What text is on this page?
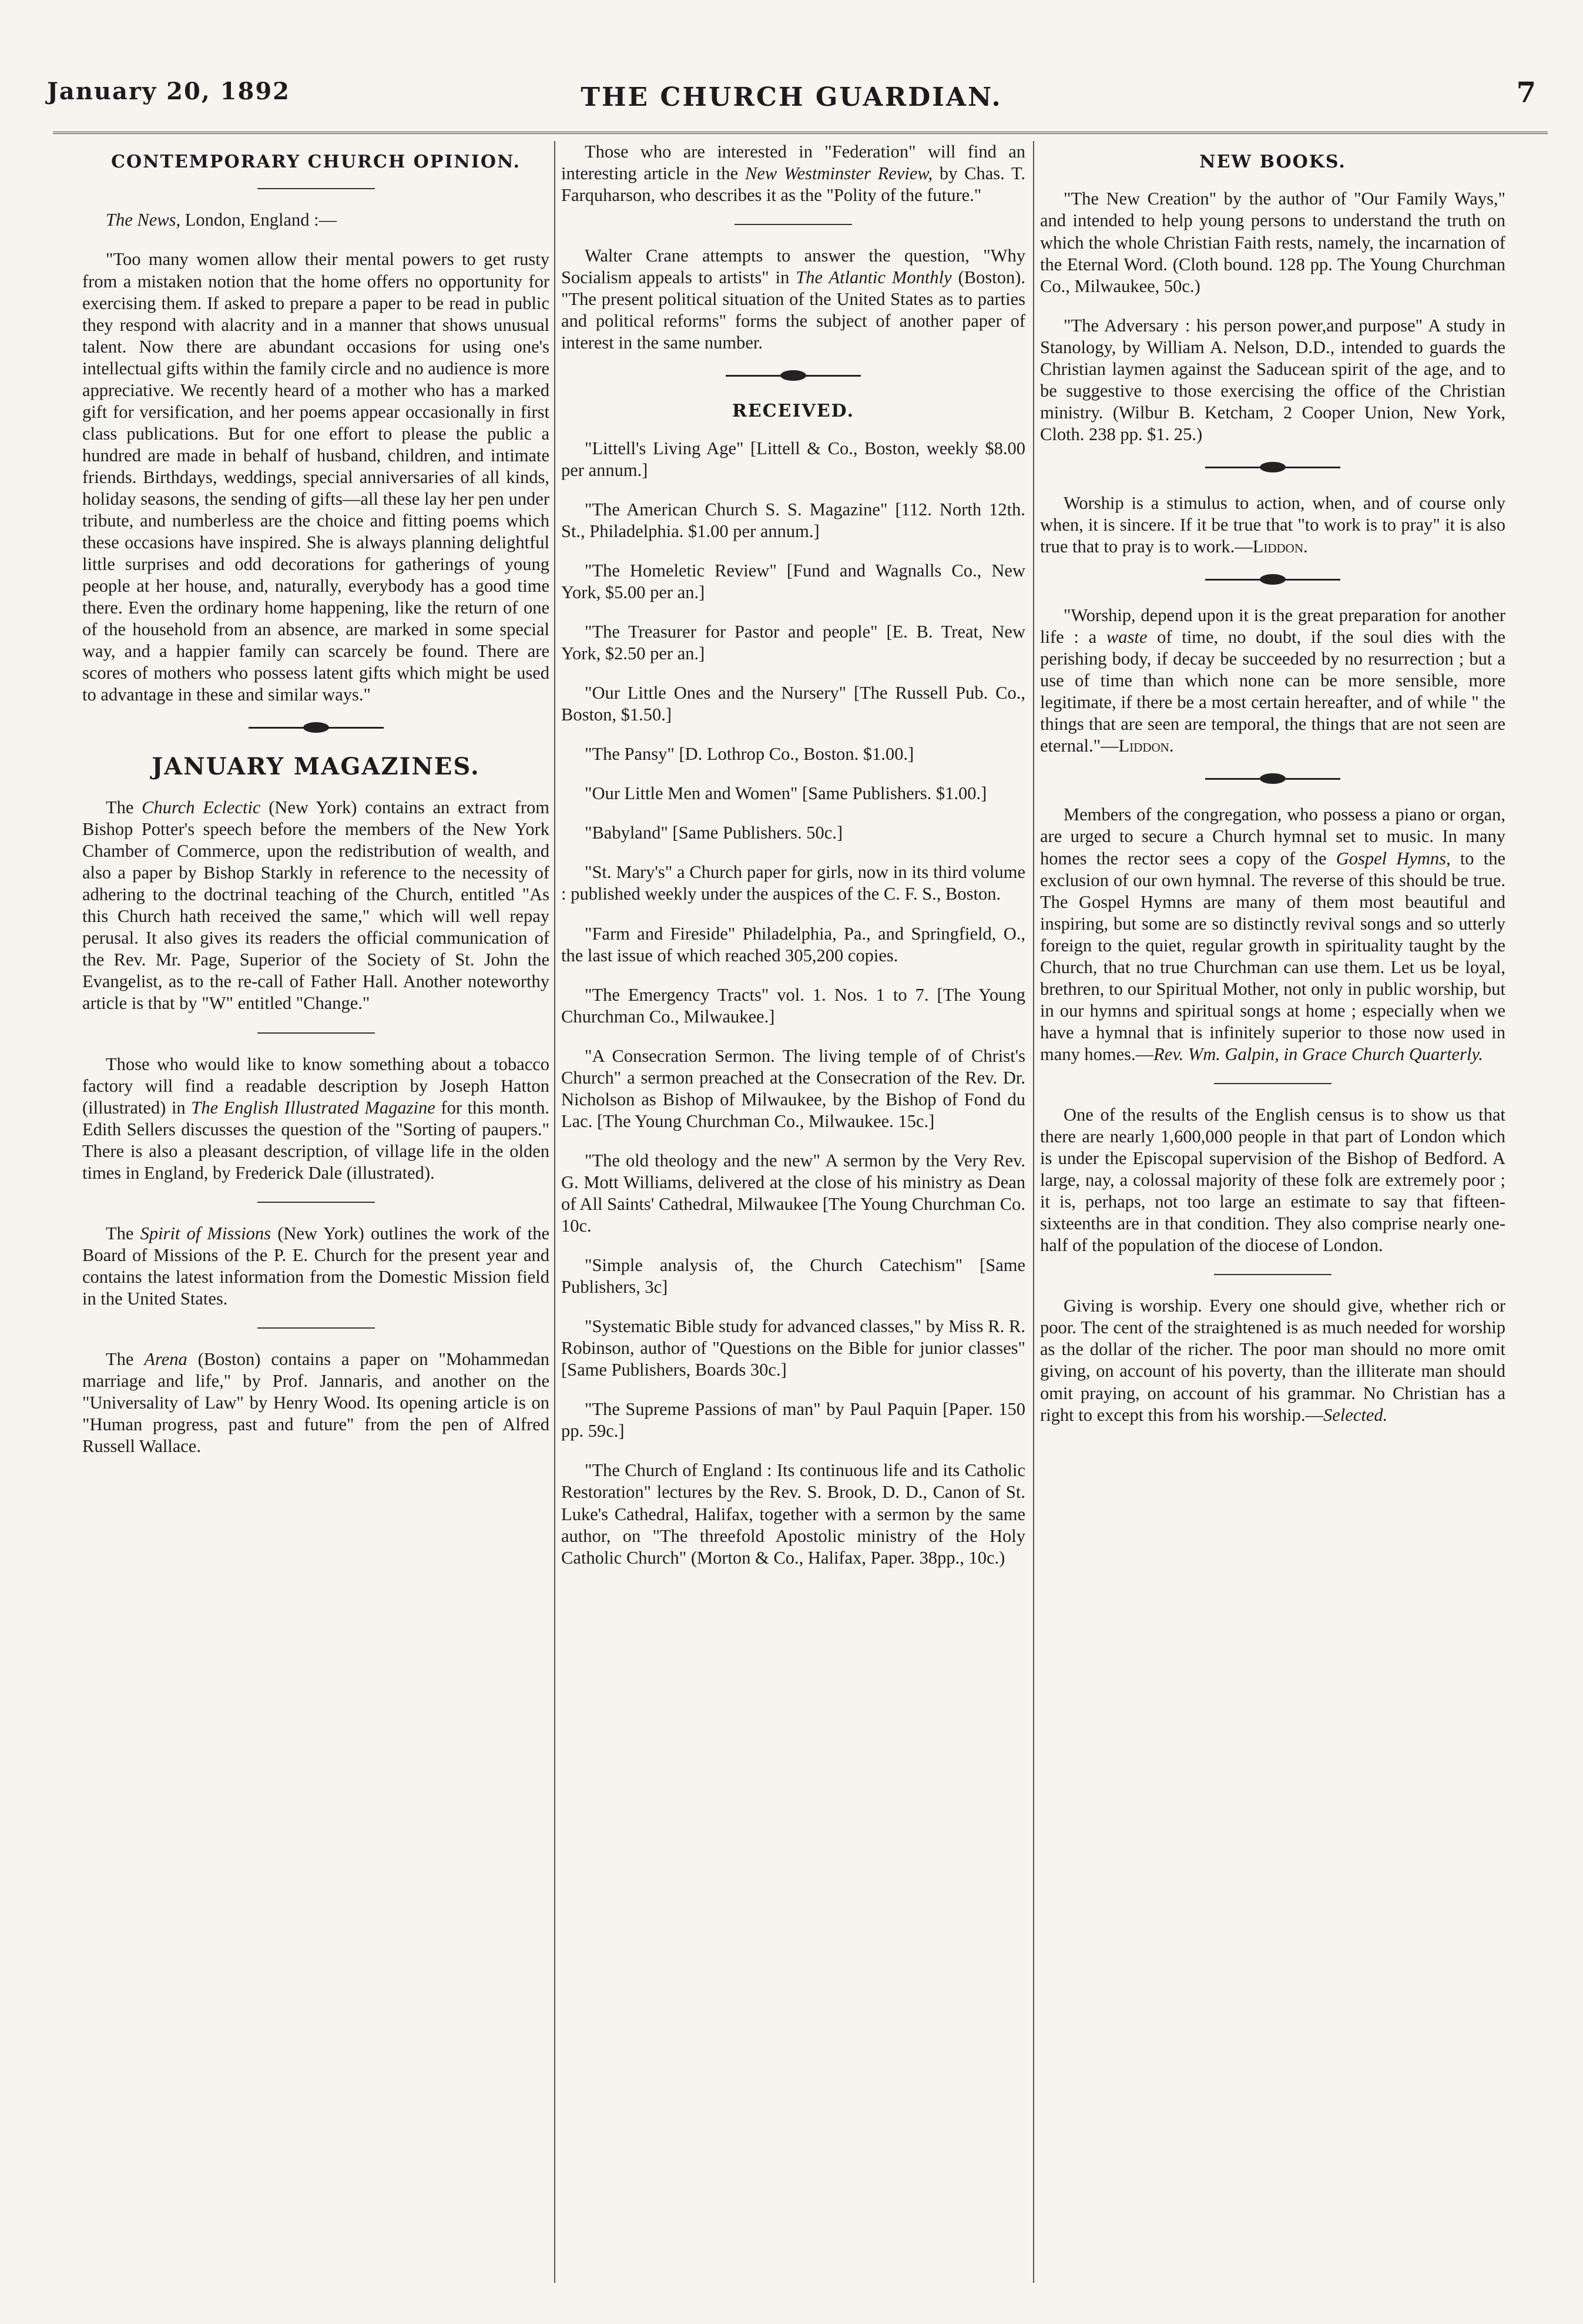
January 20, 1892	THE CHURCH GUARDIAN.	7
CONTEMPORARY CHURCH OPINION.

The News, London, England :—

"Too many women allow their mental powers to get rusty from a mistaken notion that the home offers no opportunity for exercising them. If asked to prepare a paper to be read in public they respond with alacrity and in a manner that shows unusual talent. Now there are abundant occasions for using one's intellectual gifts within the family circle and no audience is more appreciative. We recently heard of a mother who has a marked gift for versification, and her poems appear occasionally in first class publications. But for one effort to please the public a hundred are made in behalf of husband, children, and intimate friends. Birthdays, weddings, special anniversaries of all kinds, holiday seasons, the sending of gifts—all these lay her pen under tribute, and numberless are the choice and fitting poems which these occasions have inspired. She is always planning delightful little surprises and odd decorations for gatherings of young people at her house, and, naturally, everybody has a good time there. Even the ordinary home happening, like the return of one of the household from an absence, are marked in some special way, and a happier family can scarcely be found. There are scores of mothers who possess latent gifts which might be used to advantage in these and similar ways."

JANUARY MAGAZINES.

The Church Eclectic (New York) contains an extract from Bishop Potter's speech before the members of the New York Chamber of Commerce, upon the redistribution of wealth, and also a paper by Bishop Starkly in reference to the necessity of adhering to the doctrinal teaching of the Church, entitled "As this Church hath received the same," which will well repay perusal. It also gives its readers the official communication of the Rev. Mr. Page, Superior of the Society of St. John the Evangelist, as to the re-call of Father Hall. Another noteworthy article is that by "W" entitled "Change."

Those who would like to know something about a tobacco factory will find a readable description by Joseph Hatton (illustrated) in The English Illustrated Magazine for this month. Edith Sellers discusses the question of the "Sorting of paupers." There is also a pleasant description, of village life in the olden times in England, by Frederick Dale (illustrated).

The Spirit of Missions (New York) outlines the work of the Board of Missions of the P. E. Church for the present year and contains the latest information from the Domestic Mission field in the United States.

The Arena (Boston) contains a paper on "Mohammedan marriage and life," by Prof. Jannaris, and another on the "Universality of Law" by Henry Wood. Its opening article is on "Human progress, past and future" from the pen of Alfred Russell Wallace.

Those who are interested in "Federation" will find an interesting article in the New Westminster Review, by Chas. T. Farquharson, who describes it as the "Polity of the future."

Walter Crane attempts to answer the question, "Why Socialism appeals to artists" in The Atlantic Monthly (Boston). "The present political situation of the United States as to parties and political reforms" forms the subject of another paper of interest in the same number.

RECEIVED.

"Littell's Living Age" [Littell & Co., Boston, weekly $8.00 per annum.]

"The American Church S. S. Magazine" [112. North 12th. St., Philadelphia. $1.00 per annum.]

"The Homeletic Review" [Fund and Wagnalls Co., New York, $5.00 per an.]

"The Treasurer for Pastor and people" [E. B. Treat, New York, $2.50 per an.]

"Our Little Ones and the Nursery" [The Russell Pub. Co., Boston, $1.50.]

"The Pansy" [D. Lothrop Co., Boston. $1.00.]

"Our Little Men and Women" [Same Publishers. $1.00.]

"Babyland" [Same Publishers. 50c.]

"St. Mary's" a Church paper for girls, now in its third volume : published weekly under the auspices of the C. F. S., Boston.

"Farm and Fireside" Philadelphia, Pa., and Springfield, O., the last issue of which reached 305,200 copies.

"The Emergency Tracts" vol. 1. Nos. 1 to 7. [The Young Churchman Co., Milwaukee.]

"A Consecration Sermon. The living temple of of Christ's Church" a sermon preached at the Consecration of the Rev. Dr. Nicholson as Bishop of Milwaukee, by the Bishop of Fond du Lac. [The Young Churchman Co., Milwaukee. 15c.]

"The old theology and the new" A sermon by the Very Rev. G. Mott Williams, delivered at the close of his ministry as Dean of All Saints' Cathedral, Milwaukee [The Young Churchman Co. 10c.

"Simple analysis of, the Church Catechism" [Same Publishers, 3c]

"Systematic Bible study for advanced classes," by Miss R. R. Robinson, author of "Questions on the Bible for junior classes" [Same Publishers, Boards 30c.]

"The Supreme Passions of man" by Paul Paquin [Paper. 150 pp. 59c.]

"The Church of England : Its continuous life and its Catholic Restoration" lectures by the Rev. S. Brook, D. D., Canon of St. Luke's Cathedral, Halifax, together with a sermon by the same author, on "The threefold Apostolic ministry of the Holy Catholic Church" (Morton & Co., Halifax, Paper. 38pp., 10c.)

NEW BOOKS.

"The New Creation" by the author of "Our Family Ways," and intended to help young persons to understand the truth on which the whole Christian Faith rests, namely, the incarnation of the Eternal Word. (Cloth bound. 128 pp. The Young Churchman Co., Milwaukee, 50c.)

"The Adversary : his person power,and purpose" A study in Stanology, by William A. Nelson, D.D., intended to guards the Christian laymen against the Saducean spirit of the age, and to be suggestive to those exercising the office of the Christian ministry. (Wilbur B. Ketcham, 2 Cooper Union, New York, Cloth. 238 pp. $1. 25.)

Worship is a stimulus to action, when, and of course only when, it is sincere. If it be true that "to work is to pray" it is also true that to pray is to work.—Liddon.

"Worship, depend upon it is the great preparation for another life : a waste of time, no doubt, if the soul dies with the perishing body, if decay be succeeded by no resurrection ; but a use of time than which none can be more sensible, more legitimate, if there be a most certain hereafter, and of while " the things that are seen are temporal, the things that are not seen are eternal."—Liddon.

Members of the congregation, who possess a piano or organ, are urged to secure a Church hymnal set to music. In many homes the rector sees a copy of the Gospel Hymns, to the exclusion of our own hymnal. The reverse of this should be true. The Gospel Hymns are many of them most beautiful and inspiring, but some are so distinctly revival songs and so utterly foreign to the quiet, regular growth in spirituality taught by the Church, that no true Churchman can use them. Let us be loyal, brethren, to our Spiritual Mother, not only in public worship, but in our hymns and spiritual songs at home ; especially when we have a hymnal that is infinitely superior to those now used in many homes.—Rev. Wm. Galpin, in Grace Church Quarterly.

One of the results of the English census is to show us that there are nearly 1,600,000 people in that part of London which is under the Episcopal supervision of the Bishop of Bedford. A large, nay, a colossal majority of these folk are extremely poor ; it is, perhaps, not too large an estimate to say that fifteen-sixteenths are in that condition. They also comprise nearly one-half of the population of the diocese of London.

Giving is worship. Every one should give, whether rich or poor. The cent of the straightened is as much needed for worship as the dollar of the richer. The poor man should no more omit giving, on account of his poverty, than the illiterate man should omit praying, on account of his grammar. No Christian has a right to except this from his worship.—Selected.
